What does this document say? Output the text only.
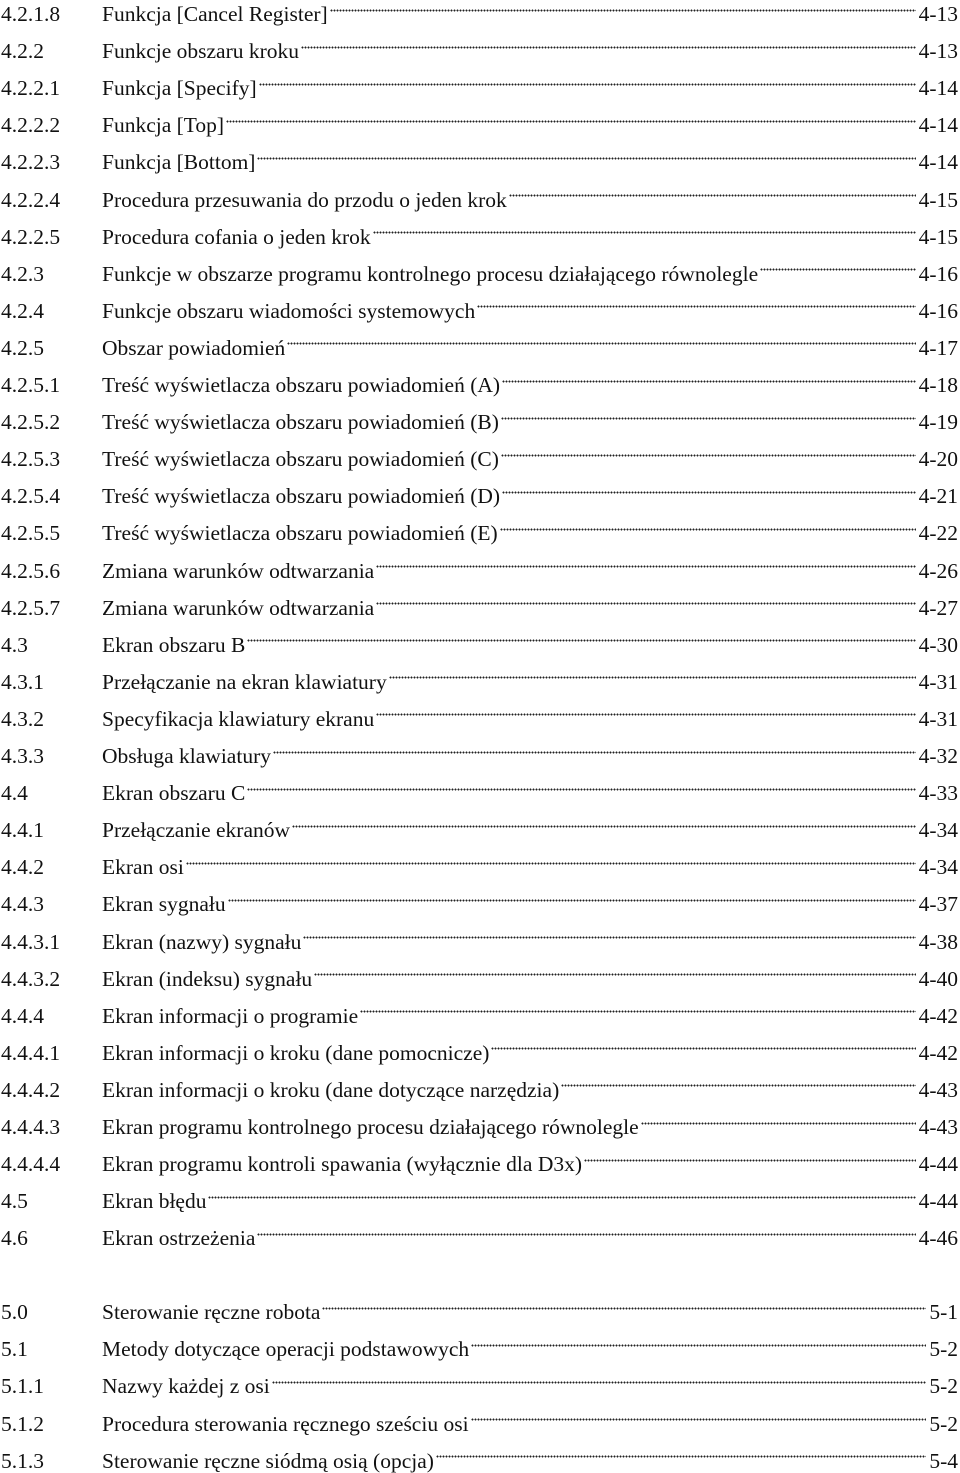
4.2.1.8	Funkcja [Cancel Register]	4-13
4.2.2	Funkcje obszaru kroku	4-13
4.2.2.1	Funkcja [Specify]	4-14
4.2.2.2	Funkcja [Top]	4-14
4.2.2.3	Funkcja [Bottom]	4-14
4.2.2.4	Procedura przesuwania do przodu o jeden krok	4-15
4.2.2.5	Procedura cofania o jeden krok	4-15
4.2.3	Funkcje w obszarze programu kontrolnego procesu działającego równolegle	4-16
4.2.4	Funkcje obszaru wiadomości systemowych	4-16
4.2.5	Obszar powiadomień	4-17
4.2.5.1	Treść wyświetlacza obszaru powiadomień (A)	4-18
4.2.5.2	Treść wyświetlacza obszaru powiadomień (B)	4-19
4.2.5.3	Treść wyświetlacza obszaru powiadomień (C)	4-20
4.2.5.4	Treść wyświetlacza obszaru powiadomień (D)	4-21
4.2.5.5	Treść wyświetlacza obszaru powiadomień (E)	4-22
4.2.5.6	Zmiana warunków odtwarzania	4-26
4.2.5.7	Zmiana warunków odtwarzania	4-27
4.3	Ekran obszaru B	4-30
4.3.1	Przełączanie na ekran klawiatury	4-31
4.3.2	Specyfikacja klawiatury ekranu	4-31
4.3.3	Obsługa klawiatury	4-32
4.4	Ekran obszaru C	4-33
4.4.1	Przełączanie ekranów	4-34
4.4.2	Ekran osi	4-34
4.4.3	Ekran sygnału	4-37
4.4.3.1	Ekran (nazwy) sygnału	4-38
4.4.3.2	Ekran (indeksu) sygnału	4-40
4.4.4	Ekran informacji o programie	4-42
4.4.4.1	Ekran informacji o kroku (dane pomocnicze)	4-42
4.4.4.2	Ekran informacji o kroku (dane dotyczące narzędzia)	4-43
4.4.4.3	Ekran programu kontrolnego procesu działającego równolegle	4-43
4.4.4.4	Ekran programu kontroli spawania (wyłącznie dla D3x)	4-44
4.5	Ekran błędu	4-44
4.6	Ekran ostrzeżenia	4-46
5.0	Sterowanie ręczne robota	5-1
5.1	Metody dotyczące operacji podstawowych	5-2
5.1.1	Nazwy każdej z osi	5-2
5.1.2	Procedura sterowania ręcznego sześciu osi	5-2
5.1.3	Sterowanie ręczne siódmą osią (opcja)	5-4
